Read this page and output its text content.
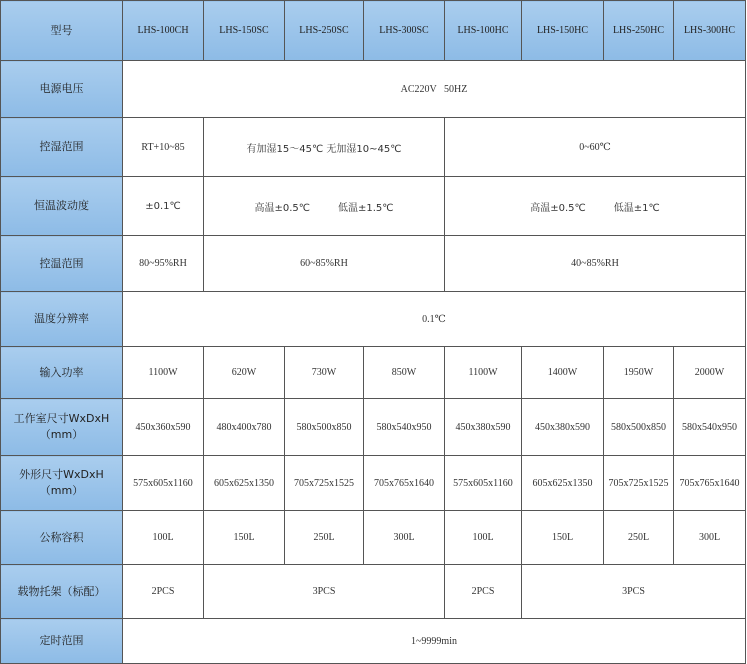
型号	LHS-100CH	LHS-150SC	LHS-250SC	LHS-300SC	LHS-100HC	LHS-150HC	LHS-250HC	LHS-300HC
电源电压	AC220V   50HZ							
控湿范围	RT+10~85	有加湿15～45℃ 无加湿10~45℃			0~60℃			
恒温波动度	±0.1℃	高温±0.5℃ 低温±1.5℃			高温±0.5℃ 低温±1℃			
控温范围	80~95%RH	60~85%RH			40~85%RH			
温度分辨率	0.1℃							
输入功率	1100W	620W	730W	850W	1100W	1400W	1950W	2000W

工作室尺寸WxDxH
（mm）	450x360x590	480x400x780	580x500x850	580x540x950	450x380x590	450x380x590	580x500x850	580x540x950

外形尺寸WxDxH
（mm）	575x605x1160	605x625x1350	705x725x1525	705x765x1640	575x605x1160	605x625x1350	705x725x1525	705x765x1640
公称容积	100L	150L	250L	300L	100L	150L	250L	300L
载物托架（标配）	2PCS	3PCS			2PCS	3PCS		
定时范围	1~9999min							
